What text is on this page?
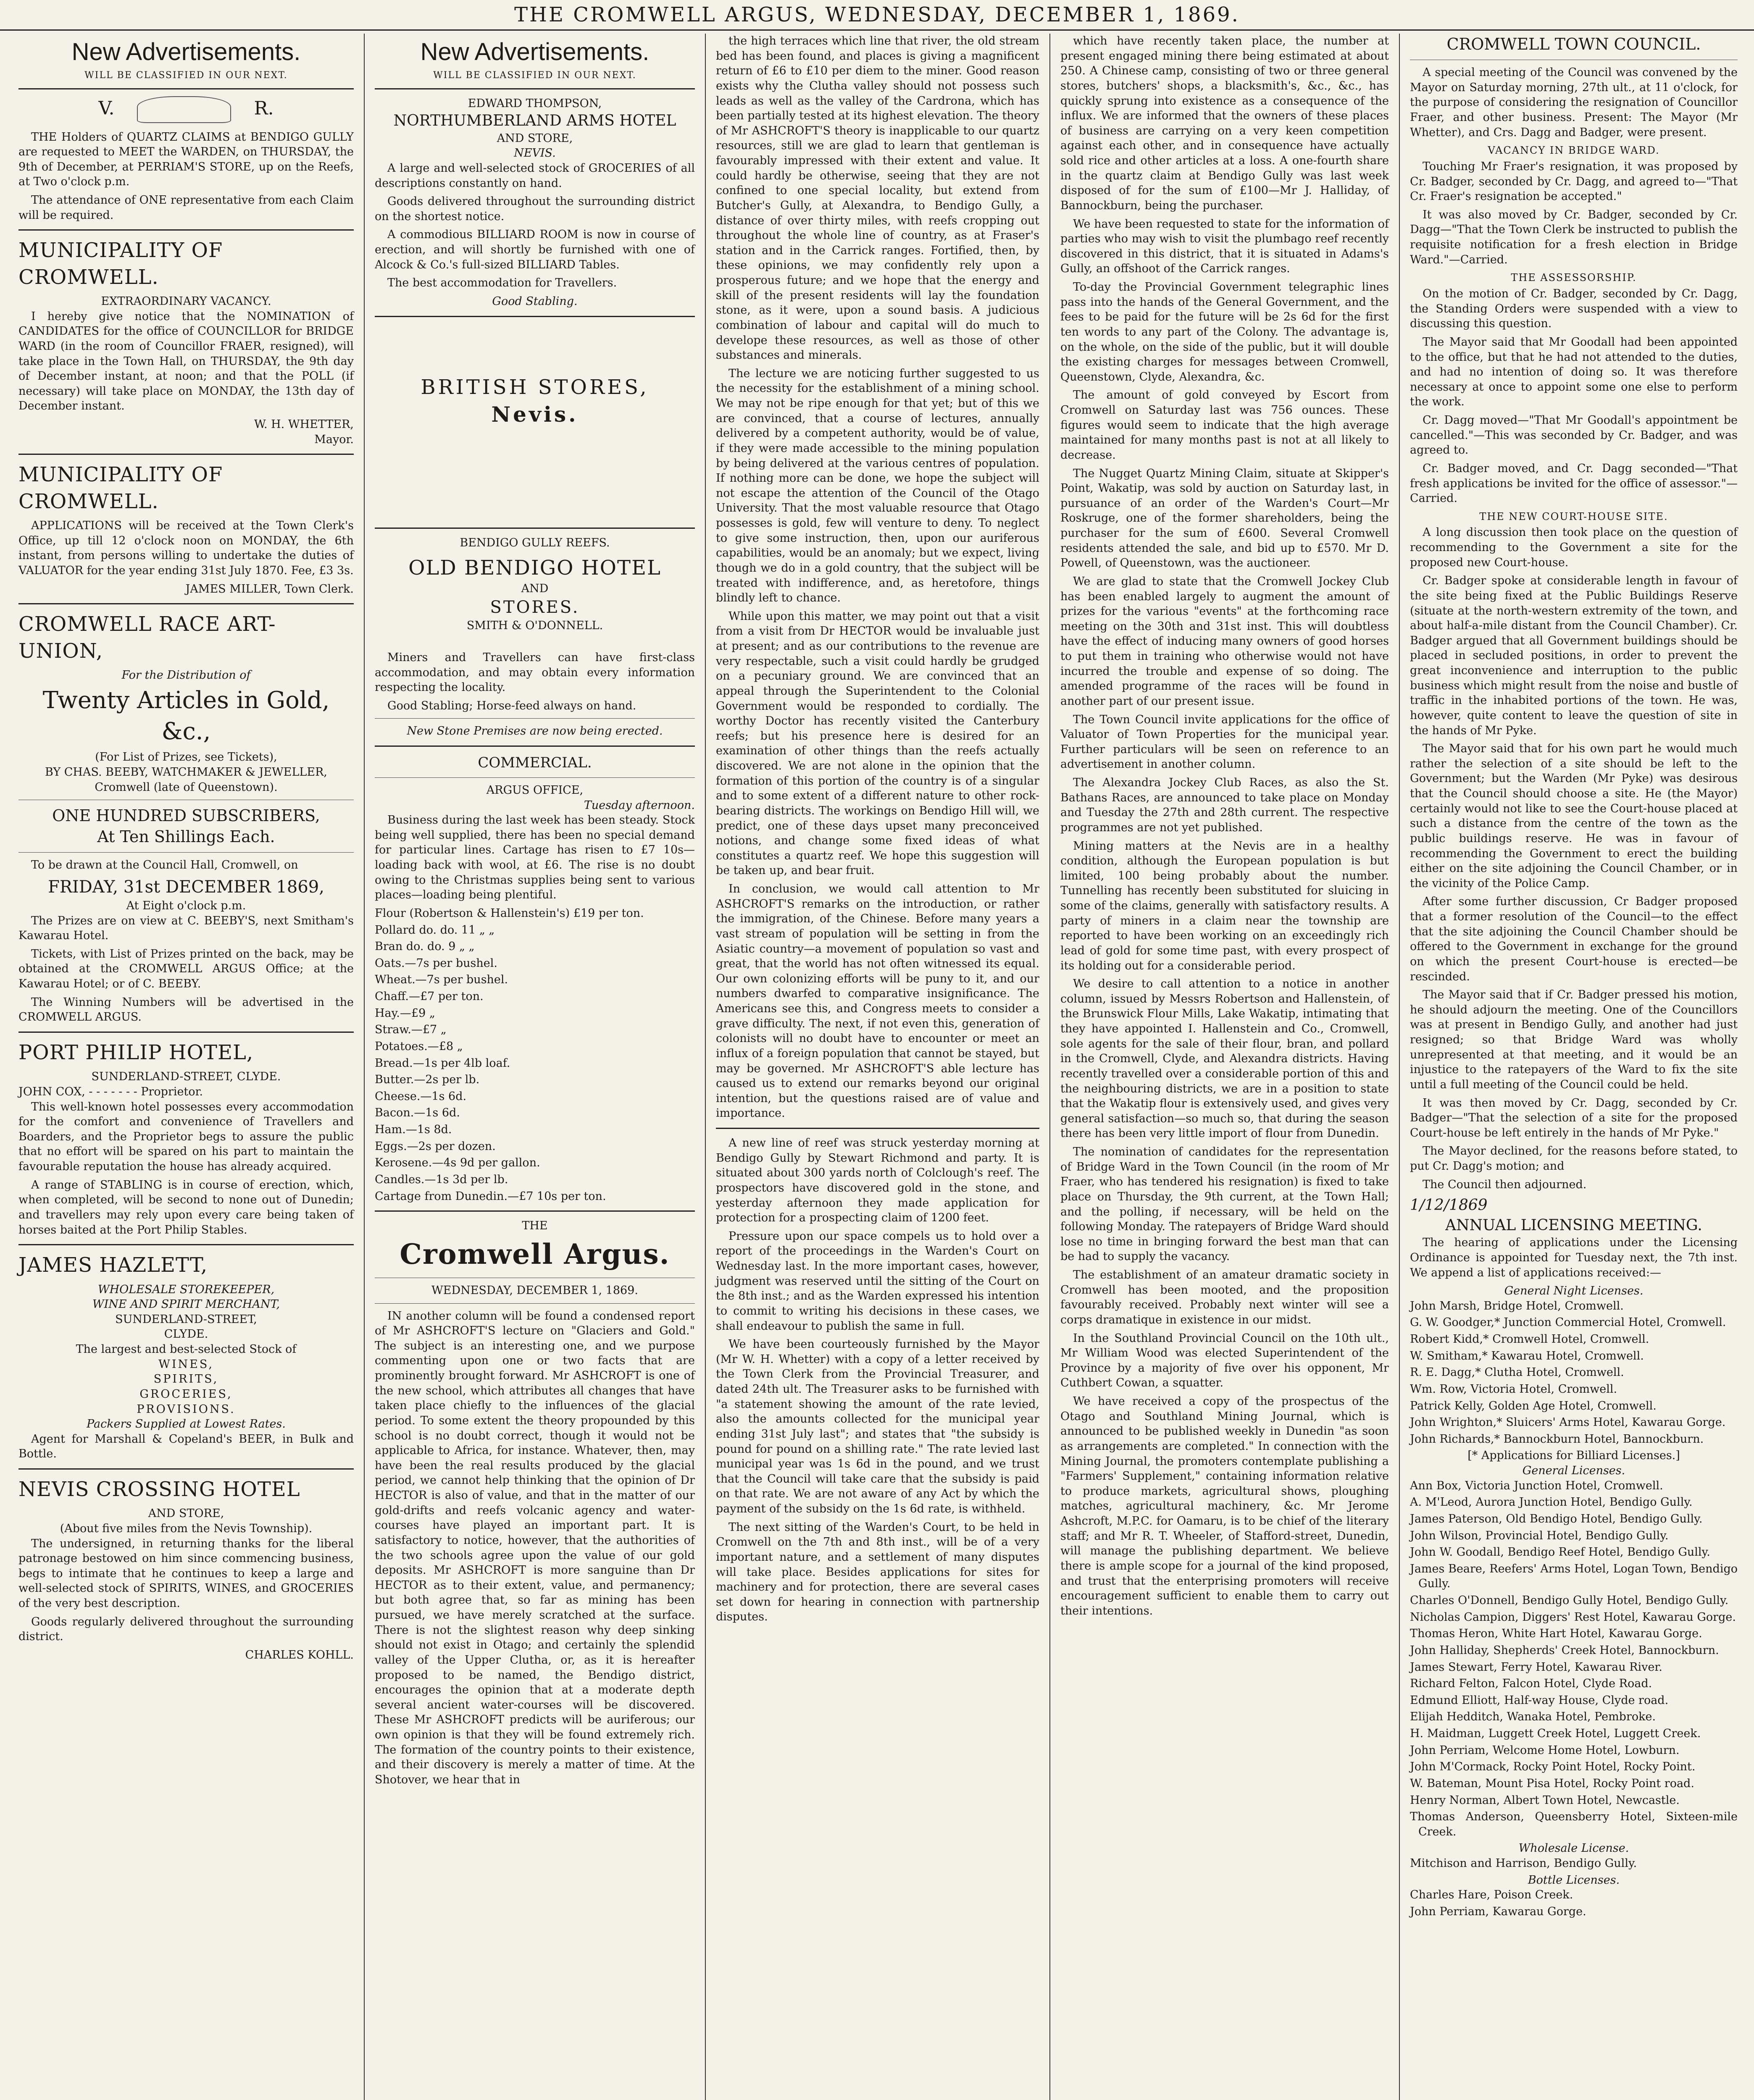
THE CROMWELL ARGUS, WEDNESDAY, DECEMBER 1, 1869.
New Advertisements.
WILL BE CLASSIFIED IN OUR NEXT.
V.	R.

THE Holders of QUARTZ CLAIMS at BENDIGO GULLY are requested to MEET the WARDEN, on THURSDAY, the 9th of December, at PERRIAM'S STORE, up on the Reefs, at Two o'clock p.m.

The attendance of ONE representative from each Claim will be required.

MUNICIPALITY OF CROMWELL.
EXTRAORDINARY VACANCY.

I hereby give notice that the NOMINATION of CANDIDATES for the office of COUNCILLOR for BRIDGE WARD (in the room of Councillor FRAER, resigned), will take place in the Town Hall, on THURSDAY, the 9th day of December instant, at noon; and that the POLL (if necessary) will take place on MONDAY, the 13th day of December instant.

W. H. WHETTER,
Mayor.
MUNICIPALITY OF CROMWELL.

APPLICATIONS will be received at the Town Clerk's Office, up till 12 o'clock noon on MONDAY, the 6th instant, from persons willing to undertake the duties of VALUATOR for the year ending 31st July 1870. Fee, £3 3s.

JAMES MILLER, Town Clerk.
CROMWELL RACE ART-UNION,
For the Distribution of
Twenty Articles in Gold, &c.,
(For List of Prizes, see Tickets),
BY CHAS. BEEBY, WATCHMAKER & JEWELLER,
Cromwell (late of Queenstown).
ONE HUNDRED SUBSCRIBERS,
At Ten Shillings Each.

To be drawn at the Council Hall, Cromwell, on

FRIDAY, 31st DECEMBER 1869,
At Eight o'clock p.m.

The Prizes are on view at C. BEEBY'S, next Smitham's Kawarau Hotel.

Tickets, with List of Prizes printed on the back, may be obtained at the CROMWELL ARGUS Office; at the Kawarau Hotel; or of C. BEEBY.

The Winning Numbers will be advertised in the CROMWELL ARGUS.

PORT PHILIP HOTEL,
SUNDERLAND-STREET, CLYDE.
JOHN COX, - - - - - - - Proprietor.

This well-known hotel possesses every accommodation for the comfort and convenience of Travellers and Boarders, and the Proprietor begs to assure the public that no effort will be spared on his part to maintain the favourable reputation the house has already acquired.

A range of STABLING is in course of erection, which, when completed, will be second to none out of Dunedin; and travellers may rely upon every care being taken of horses baited at the Port Philip Stables.

JAMES HAZLETT,
WHOLESALE STOREKEEPER,
WINE AND SPIRIT MERCHANT,
SUNDERLAND-STREET,
CLYDE.
The largest and best-selected Stock of
WINES,
SPIRITS,
GROCERIES,
PROVISIONS.
Packers Supplied at Lowest Rates.

Agent for Marshall & Copeland's BEER, in Bulk and Bottle.

NEVIS CROSSING HOTEL
AND STORE,
(About five miles from the Nevis Township).

The undersigned, in returning thanks for the liberal patronage bestowed on him since commencing business, begs to intimate that he continues to keep a large and well-selected stock of SPIRITS, WINES, and GROCERIES of the very best description.

Goods regularly delivered throughout the surrounding district.

CHARLES KOHLL.
New Advertisements.
WILL BE CLASSIFIED IN OUR NEXT.
EDWARD THOMPSON,
NORTHUMBERLAND ARMS HOTEL
AND STORE,
NEVIS.

A large and well-selected stock of GROCERIES of all descriptions constantly on hand.

Goods delivered throughout the surrounding district on the shortest notice.

A commodious BILLIARD ROOM is now in course of erection, and will shortly be furnished with one of Alcock & Co.'s full-sized BILLIARD Tables.

The best accommodation for Travellers.

Good Stabling.
BRITISH STORES,
Nevis.
BENDIGO GULLY REEFS.
OLD BENDIGO HOTEL
AND
STORES.
SMITH & O'DONNELL.

Miners and Travellers can have first-class accommodation, and may obtain every information respecting the locality.

Good Stabling; Horse-feed always on hand.

New Stone Premises are now being erected.
COMMERCIAL.
ARGUS OFFICE,
Tuesday afternoon.

Business during the last week has been steady. Stock being well supplied, there has been no special demand for particular lines. Cartage has risen to £7 10s—loading back with wool, at £6. The rise is no doubt owing to the Christmas supplies being sent to various places—loading being plentiful.

Flour (Robertson & Hallenstein's) £19 per ton.
Pollard do. do. 11 „ „
Bran do. do. 9 „ „
Oats.—7s per bushel.
Wheat.—7s per bushel.
Chaff.—£7 per ton.
Hay.—£9 „
Straw.—£7 „
Potatoes.—£8 „
Bread.—1s per 4lb loaf.
Butter.—2s per lb.
Cheese.—1s 6d.
Bacon.—1s 6d.
Ham.—1s 8d.
Eggs.—2s per dozen.
Kerosene.—4s 9d per gallon.
Candles.—1s 3d per lb.
Cartage from Dunedin.—£7 10s per ton.
THE
Cromwell Argus.
WEDNESDAY, DECEMBER 1, 1869.

IN another column will be found a condensed report of Mr ASHCROFT'S lecture on "Glaciers and Gold." The subject is an interesting one, and we purpose commenting upon one or two facts that are prominently brought forward. Mr ASHCROFT is one of the new school, which attributes all changes that have taken place chiefly to the influences of the glacial period. To some extent the theory propounded by this school is no doubt correct, though it would not be applicable to Africa, for instance. Whatever, then, may have been the real results produced by the glacial period, we cannot help thinking that the opinion of Dr HECTOR is also of value, and that in the matter of our gold-drifts and reefs volcanic agency and water-courses have played an important part. It is satisfactory to notice, however, that the authorities of the two schools agree upon the value of our gold deposits. Mr ASHCROFT is more sanguine than Dr HECTOR as to their extent, value, and permanency; but both agree that, so far as mining has been pursued, we have merely scratched at the surface. There is not the slightest reason why deep sinking should not exist in Otago; and certainly the splendid valley of the Upper Clutha, or, as it is hereafter proposed to be named, the Bendigo district, encourages the opinion that at a moderate depth several ancient water-courses will be discovered. These Mr ASHCROFT predicts will be auriferous; our own opinion is that they will be found extremely rich. The formation of the country points to their existence, and their discovery is merely a matter of time. At the Shotover, we hear that in

the high terraces which line that river, the old stream bed has been found, and places is giving a magnificent return of £6 to £10 per diem to the miner. Good reason exists why the Clutha valley should not possess such leads as well as the valley of the Cardrona, which has been partially tested at its highest elevation. The theory of Mr ASHCROFT'S theory is inapplicable to our quartz resources, still we are glad to learn that gentleman is favourably impressed with their extent and value. It could hardly be otherwise, seeing that they are not confined to one special locality, but extend from Butcher's Gully, at Alexandra, to Bendigo Gully, a distance of over thirty miles, with reefs cropping out throughout the whole line of country, as at Fraser's station and in the Carrick ranges. Fortified, then, by these opinions, we may confidently rely upon a prosperous future; and we hope that the energy and skill of the present residents will lay the foundation stone, as it were, upon a sound basis. A judicious combination of labour and capital will do much to develope these resources, as well as those of other substances and minerals.

The lecture we are noticing further suggested to us the necessity for the establishment of a mining school. We may not be ripe enough for that yet; but of this we are convinced, that a course of lectures, annually delivered by a competent authority, would be of value, if they were made accessible to the mining population by being delivered at the various centres of population. If nothing more can be done, we hope the subject will not escape the attention of the Council of the Otago University. That the most valuable resource that Otago possesses is gold, few will venture to deny. To neglect to give some instruction, then, upon our auriferous capabilities, would be an anomaly; but we expect, living though we do in a gold country, that the subject will be treated with indifference, and, as heretofore, things blindly left to chance.

While upon this matter, we may point out that a visit from a visit from Dr HECTOR would be invaluable just at present; and as our contributions to the revenue are very respectable, such a visit could hardly be grudged on a pecuniary ground. We are convinced that an appeal through the Superintendent to the Colonial Government would be responded to cordially. The worthy Doctor has recently visited the Canterbury reefs; but his presence here is desired for an examination of other things than the reefs actually discovered. We are not alone in the opinion that the formation of this portion of the country is of a singular and to some extent of a different nature to other rock-bearing districts. The workings on Bendigo Hill will, we predict, one of these days upset many preconceived notions, and change some fixed ideas of what constitutes a quartz reef. We hope this suggestion will be taken up, and bear fruit.

In conclusion, we would call attention to Mr ASHCROFT'S remarks on the introduction, or rather the immigration, of the Chinese. Before many years a vast stream of population will be setting in from the Asiatic country—a movement of population so vast and great, that the world has not often witnessed its equal. Our own colonizing efforts will be puny to it, and our numbers dwarfed to comparative insignificance. The Americans see this, and Congress meets to consider a grave difficulty. The next, if not even this, generation of colonists will no doubt have to encounter or meet an influx of a foreign population that cannot be stayed, but may be governed. Mr ASHCROFT'S able lecture has caused us to extend our remarks beyond our original intention, but the questions raised are of value and importance.

A new line of reef was struck yesterday morning at Bendigo Gully by Stewart Richmond and party. It is situated about 300 yards north of Colclough's reef. The prospectors have discovered gold in the stone, and yesterday afternoon they made application for protection for a prospecting claim of 1200 feet.

Pressure upon our space compels us to hold over a report of the proceedings in the Warden's Court on Wednesday last. In the more important cases, however, judgment was reserved until the sitting of the Court on the 8th inst.; and as the Warden expressed his intention to commit to writing his decisions in these cases, we shall endeavour to publish the same in full.

We have been courteously furnished by the Mayor (Mr W. H. Whetter) with a copy of a letter received by the Town Clerk from the Provincial Treasurer, and dated 24th ult. The Treasurer asks to be furnished with "a statement showing the amount of the rate levied, also the amounts collected for the municipal year ending 31st July last"; and states that "the subsidy is pound for pound on a shilling rate." The rate levied last municipal year was 1s 6d in the pound, and we trust that the Council will take care that the subsidy is paid on that rate. We are not aware of any Act by which the payment of the subsidy on the 1s 6d rate, is withheld.

The next sitting of the Warden's Court, to be held in Cromwell on the 7th and 8th inst., will be of a very important nature, and a settlement of many disputes will take place. Besides applications for sites for machinery and for protection, there are several cases set down for hearing in connection with partnership disputes.

which have recently taken place, the number at present engaged mining there being estimated at about 250. A Chinese camp, consisting of two or three general stores, butchers' shops, a blacksmith's, &c., &c., has quickly sprung into existence as a consequence of the influx. We are informed that the owners of these places of business are carrying on a very keen competition against each other, and in consequence have actually sold rice and other articles at a loss. A one-fourth share in the quartz claim at Bendigo Gully was last week disposed of for the sum of £100—Mr J. Halliday, of Bannockburn, being the purchaser.

We have been requested to state for the information of parties who may wish to visit the plumbago reef recently discovered in this district, that it is situated in Adams's Gully, an offshoot of the Carrick ranges.

To-day the Provincial Government telegraphic lines pass into the hands of the General Government, and the fees to be paid for the future will be 2s 6d for the first ten words to any part of the Colony. The advantage is, on the whole, on the side of the public, but it will double the existing charges for messages between Cromwell, Queenstown, Clyde, Alexandra, &c.

The amount of gold conveyed by Escort from Cromwell on Saturday last was 756 ounces. These figures would seem to indicate that the high average maintained for many months past is not at all likely to decrease.

The Nugget Quartz Mining Claim, situate at Skipper's Point, Wakatip, was sold by auction on Saturday last, in pursuance of an order of the Warden's Court—Mr Roskruge, one of the former shareholders, being the purchaser for the sum of £600. Several Cromwell residents attended the sale, and bid up to £570. Mr D. Powell, of Queenstown, was the auctioneer.

We are glad to state that the Cromwell Jockey Club has been enabled largely to augment the amount of prizes for the various "events" at the forthcoming race meeting on the 30th and 31st inst. This will doubtless have the effect of inducing many owners of good horses to put them in training who otherwise would not have incurred the trouble and expense of so doing. The amended programme of the races will be found in another part of our present issue.

The Town Council invite applications for the office of Valuator of Town Properties for the municipal year. Further particulars will be seen on reference to an advertisement in another column.

The Alexandra Jockey Club Races, as also the St. Bathans Races, are announced to take place on Monday and Tuesday the 27th and 28th current. The respective programmes are not yet published.

Mining matters at the Nevis are in a healthy condition, although the European population is but limited, 100 being probably about the number. Tunnelling has recently been substituted for sluicing in some of the claims, generally with satisfactory results. A party of miners in a claim near the township are reported to have been working on an exceedingly rich lead of gold for some time past, with every prospect of its holding out for a considerable period.

We desire to call attention to a notice in another column, issued by Messrs Robertson and Hallenstein, of the Brunswick Flour Mills, Lake Wakatip, intimating that they have appointed I. Hallenstein and Co., Cromwell, sole agents for the sale of their flour, bran, and pollard in the Cromwell, Clyde, and Alexandra districts. Having recently travelled over a considerable portion of this and the neighbouring districts, we are in a position to state that the Wakatip flour is extensively used, and gives very general satisfaction—so much so, that during the season there has been very little import of flour from Dunedin.

The nomination of candidates for the representation of Bridge Ward in the Town Council (in the room of Mr Fraer, who has tendered his resignation) is fixed to take place on Thursday, the 9th current, at the Town Hall; and the polling, if necessary, will be held on the following Monday. The ratepayers of Bridge Ward should lose no time in bringing forward the best man that can be had to supply the vacancy.

The establishment of an amateur dramatic society in Cromwell has been mooted, and the proposition favourably received. Probably next winter will see a corps dramatique in existence in our midst.

In the Southland Provincial Council on the 10th ult., Mr William Wood was elected Superintendent of the Province by a majority of five over his opponent, Mr Cuthbert Cowan, a squatter.

We have received a copy of the prospectus of the Otago and Southland Mining Journal, which is announced to be published weekly in Dunedin "as soon as arrangements are completed." In connection with the Mining Journal, the promoters contemplate publishing a "Farmers' Supplement," containing information relative to produce markets, agricultural shows, ploughing matches, agricultural machinery, &c. Mr Jerome Ashcroft, M.P.C. for Oamaru, is to be chief of the literary staff; and Mr R. T. Wheeler, of Stafford-street, Dunedin, will manage the publishing department. We believe there is ample scope for a journal of the kind proposed, and trust that the enterprising promoters will receive encouragement sufficient to enable them to carry out their intentions.

CROMWELL TOWN COUNCIL.

A special meeting of the Council was convened by the Mayor on Saturday morning, 27th ult., at 11 o'clock, for the purpose of considering the resignation of Councillor Fraer, and other business. Present: The Mayor (Mr Whetter), and Crs. Dagg and Badger, were present.

VACANCY IN BRIDGE WARD.

Touching Mr Fraer's resignation, it was proposed by Cr. Badger, seconded by Cr. Dagg, and agreed to—"That Cr. Fraer's resignation be accepted."

It was also moved by Cr. Badger, seconded by Cr. Dagg—"That the Town Clerk be instructed to publish the requisite notification for a fresh election in Bridge Ward."—Carried.

THE ASSESSORSHIP.

On the motion of Cr. Badger, seconded by Cr. Dagg, the Standing Orders were suspended with a view to discussing this question.

The Mayor said that Mr Goodall had been appointed to the office, but that he had not attended to the duties, and had no intention of doing so. It was therefore necessary at once to appoint some one else to perform the work.

Cr. Dagg moved—"That Mr Goodall's appointment be cancelled."—This was seconded by Cr. Badger, and was agreed to.

Cr. Badger moved, and Cr. Dagg seconded—"That fresh applications be invited for the office of assessor."—Carried.

THE NEW COURT-HOUSE SITE.

A long discussion then took place on the question of recommending to the Government a site for the proposed new Court-house.

Cr. Badger spoke at considerable length in favour of the site being fixed at the Public Buildings Reserve (situate at the north-western extremity of the town, and about half-a-mile distant from the Council Chamber). Cr. Badger argued that all Government buildings should be placed in secluded positions, in order to prevent the great inconvenience and interruption to the public business which might result from the noise and bustle of traffic in the inhabited portions of the town. He was, however, quite content to leave the question of site in the hands of Mr Pyke.

The Mayor said that for his own part he would much rather the selection of a site should be left to the Government; but the Warden (Mr Pyke) was desirous that the Council should choose a site. He (the Mayor) certainly would not like to see the Court-house placed at such a distance from the centre of the town as the public buildings reserve. He was in favour of recommending the Government to erect the building either on the site adjoining the Council Chamber, or in the vicinity of the Police Camp.

After some further discussion, Cr Badger proposed that a former resolution of the Council—to the effect that the site adjoining the Council Chamber should be offered to the Government in exchange for the ground on which the present Court-house is erected—be rescinded.

The Mayor said that if Cr. Badger pressed his motion, he should adjourn the meeting. One of the Councillors was at present in Bendigo Gully, and another had just resigned; so that Bridge Ward was wholly unrepresented at that meeting, and it would be an injustice to the ratepayers of the Ward to fix the site until a full meeting of the Council could be held.

It was then moved by Cr. Dagg, seconded by Cr. Badger—"That the selection of a site for the proposed Court-house be left entirely in the hands of Mr Pyke."

The Mayor declined, for the reasons before stated, to put Cr. Dagg's motion; and

The Council then adjourned.

1/12/1869
ANNUAL LICENSING MEETING.

The hearing of applications under the Licensing Ordinance is appointed for Tuesday next, the 7th inst. We append a list of applications received:—

General Night Licenses.
John Marsh, Bridge Hotel, Cromwell.
G. W. Goodger,* Junction Commercial Hotel, Cromwell.
Robert Kidd,* Cromwell Hotel, Cromwell.
W. Smitham,* Kawarau Hotel, Cromwell.
R. E. Dagg,* Clutha Hotel, Cromwell.
Wm. Row, Victoria Hotel, Cromwell.
Patrick Kelly, Golden Age Hotel, Cromwell.
John Wrighton,* Sluicers' Arms Hotel, Kawarau Gorge.
John Richards,* Bannockburn Hotel, Bannockburn.
[* Applications for Billiard Licenses.]
General Licenses.
Ann Box, Victoria Junction Hotel, Cromwell.
A. M'Leod, Aurora Junction Hotel, Bendigo Gully.
James Paterson, Old Bendigo Hotel, Bendigo Gully.
John Wilson, Provincial Hotel, Bendigo Gully.
John W. Goodall, Bendigo Reef Hotel, Bendigo Gully.
James Beare, Reefers' Arms Hotel, Logan Town, Bendigo Gully.
Charles O'Donnell, Bendigo Gully Hotel, Bendigo Gully.
Nicholas Campion, Diggers' Rest Hotel, Kawarau Gorge.
Thomas Heron, White Hart Hotel, Kawarau Gorge.
John Halliday, Shepherds' Creek Hotel, Bannockburn.
James Stewart, Ferry Hotel, Kawarau River.
Richard Felton, Falcon Hotel, Clyde Road.
Edmund Elliott, Half-way House, Clyde road.
Elijah Hedditch, Wanaka Hotel, Pembroke.
H. Maidman, Luggett Creek Hotel, Luggett Creek.
John Perriam, Welcome Home Hotel, Lowburn.
John M'Cormack, Rocky Point Hotel, Rocky Point.
W. Bateman, Mount Pisa Hotel, Rocky Point road.
Henry Norman, Albert Town Hotel, Newcastle.
Thomas Anderson, Queensberry Hotel, Sixteen-mile Creek.
Wholesale License.
Mitchison and Harrison, Bendigo Gully.
Bottle Licenses.
Charles Hare, Poison Creek.
John Perriam, Kawarau Gorge.
